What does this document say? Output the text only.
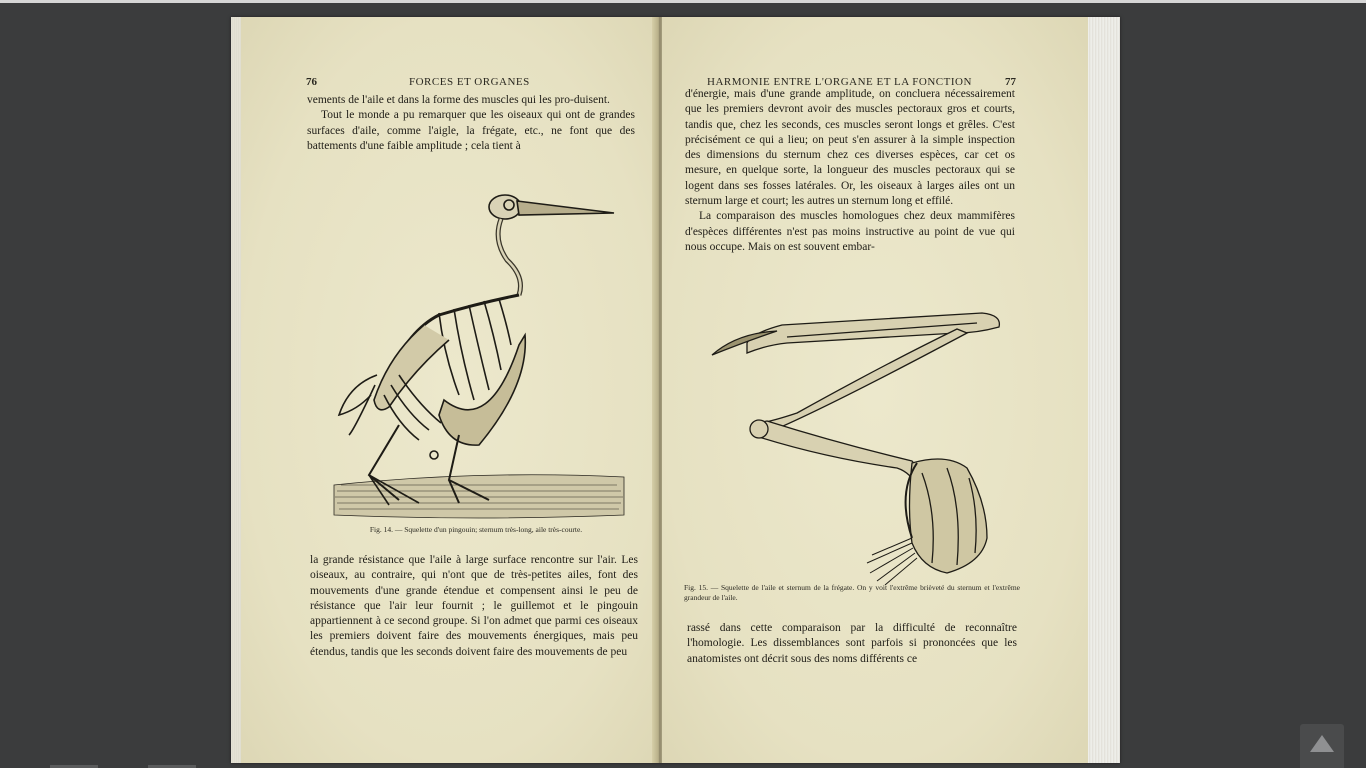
76	FORCES ET ORGANES

vements de l'aile et dans la forme des muscles qui les pro-duisent.

Tout le monde a pu remarquer que les oiseaux qui ont de grandes surfaces d'aile, comme l'aigle, la frégate, etc., ne font que des battements d'une faible amplitude ; cela tient à

Fig. 14. — Squelette d'un pingouin; sternum très-long, aile très-courte.
la grande résistance que l'aile à large surface rencontre sur l'air. Les oiseaux, au contraire, qui n'ont que de très-petites ailes, font des mouvements d'une grande étendue et compensent ainsi le peu de résistance que l'air leur fournit ; le guillemot et le pingouin appartiennent à ce second groupe. Si l'on admet que parmi ces oiseaux les premiers doivent faire des mouvements énergiques, mais peu étendus, tandis que les seconds doivent faire des mouvements de peu
HARMONIE ENTRE L'ORGANE ET LA FONCTION	77

d'énergie, mais d'une grande amplitude, on concluera nécessairement que les premiers devront avoir des muscles pectoraux gros et courts, tandis que, chez les seconds, ces muscles seront longs et grêles. C'est précisément ce qui a lieu; on peut s'en assurer à la simple inspection des dimensions du sternum chez ces diverses espèces, car cet os mesure, en quelque sorte, la longueur des muscles pectoraux qui se logent dans ses fosses latérales. Or, les oiseaux à larges ailes ont un sternum large et court; les autres un sternum long et effilé.

La comparaison des muscles homologues chez deux mammifères d'espèces différentes n'est pas moins instructive au point de vue qui nous occupe. Mais on est souvent embar-

Fig. 15. — Squelette de l'aile et sternum de la frégate. On y voit l'extrême brièveté du sternum et l'extrême grandeur de l'aile.
rassé dans cette comparaison par la difficulté de reconnaître l'homologie. Les dissemblances sont parfois si prononcées que les anatomistes ont décrit sous des noms différents ce
